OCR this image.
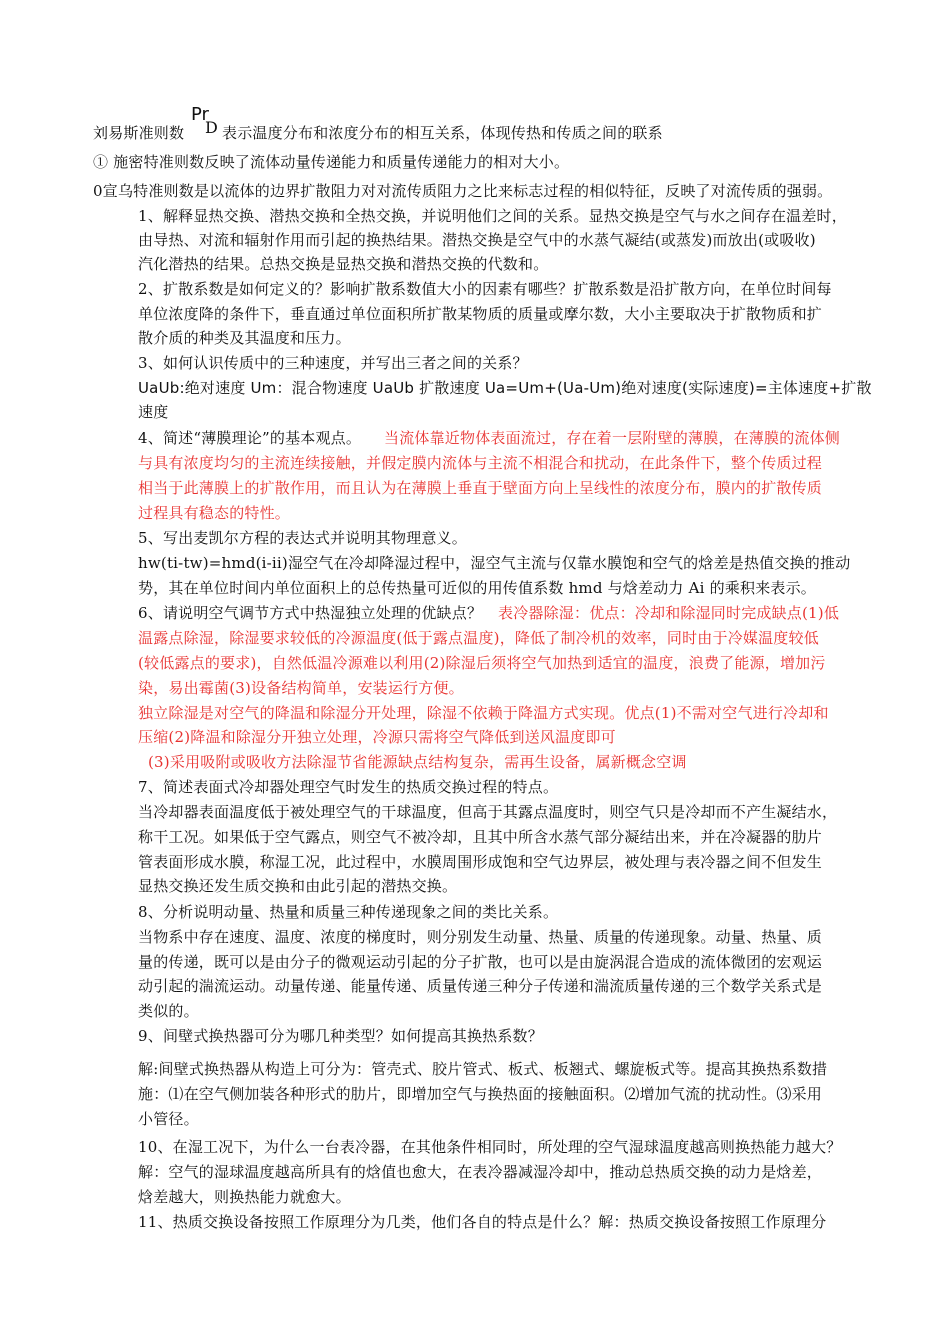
刘易斯准则数
Pr
D 表示温度分布和浓度分布的相互关系，体现传热和传质之间的联系
① 施密特准则数反映了流体动量传递能力和质量传递能力的相对大小。
0宣乌特准则数是以流体的边界扩散阻力对对流传质阻力之比来标志过程的相似特征，反映了对流传质的强弱。
1、解释显热交换、潜热交换和全热交换，并说明他们之间的关系。显热交换是空气与水之间存在温差时，
由导热、对流和辐射作用而引起的换热结果。潜热交换是空气中的水蒸气凝结(或蒸发)而放出(或吸收)
汽化潜热的结果。总热交换是显热交换和潜热交换的代数和。
2、扩散系数是如何定义的？影响扩散系数值大小的因素有哪些？扩散系数是沿扩散方向，在单位时间每
单位浓度降的条件下，垂直通过单位面积所扩散某物质的质量或摩尔数，大小主要取决于扩散物质和扩
散介质的种类及其温度和压力。
3、如何认识传质中的三种速度，并写出三者之间的关系？
UaUb:绝对速度 Um：混合物速度 UaUb 扩散速度 Ua=Um+(Ua-Um)绝对速度(实际速度)=主体速度+扩散
速度
4、简述“薄膜理论”的基本观点。 当流体靠近物体表面流过，存在着一层附壁的薄膜，在薄膜的流体侧
与具有浓度均匀的主流连续接触，并假定膜内流体与主流不相混合和扰动，在此条件下，整个传质过程
相当于此薄膜上的扩散作用，而且认为在薄膜上垂直于壁面方向上呈线性的浓度分布，膜内的扩散传质
过程具有稳态的特性。
5、写出麦凯尔方程的表达式并说明其物理意义。
hw(ti-tw)=hmd(i-ii)湿空气在冷却降湿过程中，湿空气主流与仅靠水膜饱和空气的焓差是热值交换的推动
势，其在单位时间内单位面积上的总传热量可近似的用传值系数 hmd 与焓差动力 Ai 的乘积来表示。
6、请说明空气调节方式中热湿独立处理的优缺点？ 表冷器除湿：优点：冷却和除湿同时完成缺点(1)低
温露点除湿，除湿要求较低的冷源温度(低于露点温度)，降低了制冷机的效率，同时由于冷媒温度较低
(较低露点的要求)，自然低温冷源难以利用(2)除湿后须将空气加热到适宜的温度，浪费了能源，增加污
染，易出霉菌(3)设备结构简单，安装运行方便。
独立除湿是对空气的降温和除湿分开处理，除湿不依赖于降温方式实现。优点(1)不需对空气进行冷却和
压缩(2)降温和除湿分开独立处理，冷源只需将空气降低到送风温度即可
(3)采用吸附或吸收方法除湿节省能源缺点结构复杂，需再生设备，属新概念空调
7、简述表面式冷却器处理空气时发生的热质交换过程的特点。
当冷却器表面温度低于被处理空气的干球温度，但高于其露点温度时，则空气只是冷却而不产生凝结水，
称干工况。如果低于空气露点，则空气不被冷却，且其中所含水蒸气部分凝结出来，并在冷凝器的肋片
管表面形成水膜，称湿工况，此过程中，水膜周围形成饱和空气边界层，被处理与表冷器之间不但发生
显热交换还发生质交换和由此引起的潜热交换。
8、分析说明动量、热量和质量三种传递现象之间的类比关系。
当物系中存在速度、温度、浓度的梯度时，则分别发生动量、热量、质量的传递现象。动量、热量、质
量的传递，既可以是由分子的微观运动引起的分子扩散，也可以是由旋涡混合造成的流体微团的宏观运
动引起的湍流运动。动量传递、能量传递、质量传递三种分子传递和湍流质量传递的三个数学关系式是
类似的。
9、间壁式换热器可分为哪几种类型？如何提高其换热系数？
解:间壁式换热器从构造上可分为：管壳式、胶片管式、板式、板翘式、螺旋板式等。提高其换热系数措
施：⑴在空气侧加装各种形式的肋片，即增加空气与换热面的接触面积。⑵增加气流的扰动性。⑶采用
小管径。
10、在湿工况下，为什么一台表冷器，在其他条件相同时，所处理的空气湿球温度越高则换热能力越大？
解：空气的湿球温度越高所具有的焓值也愈大，在表冷器减湿冷却中，推动总热质交换的动力是焓差，
焓差越大，则换热能力就愈大。
11、热质交换设备按照工作原理分为几类，他们各自的特点是什么？解：热质交换设备按照工作原理分
